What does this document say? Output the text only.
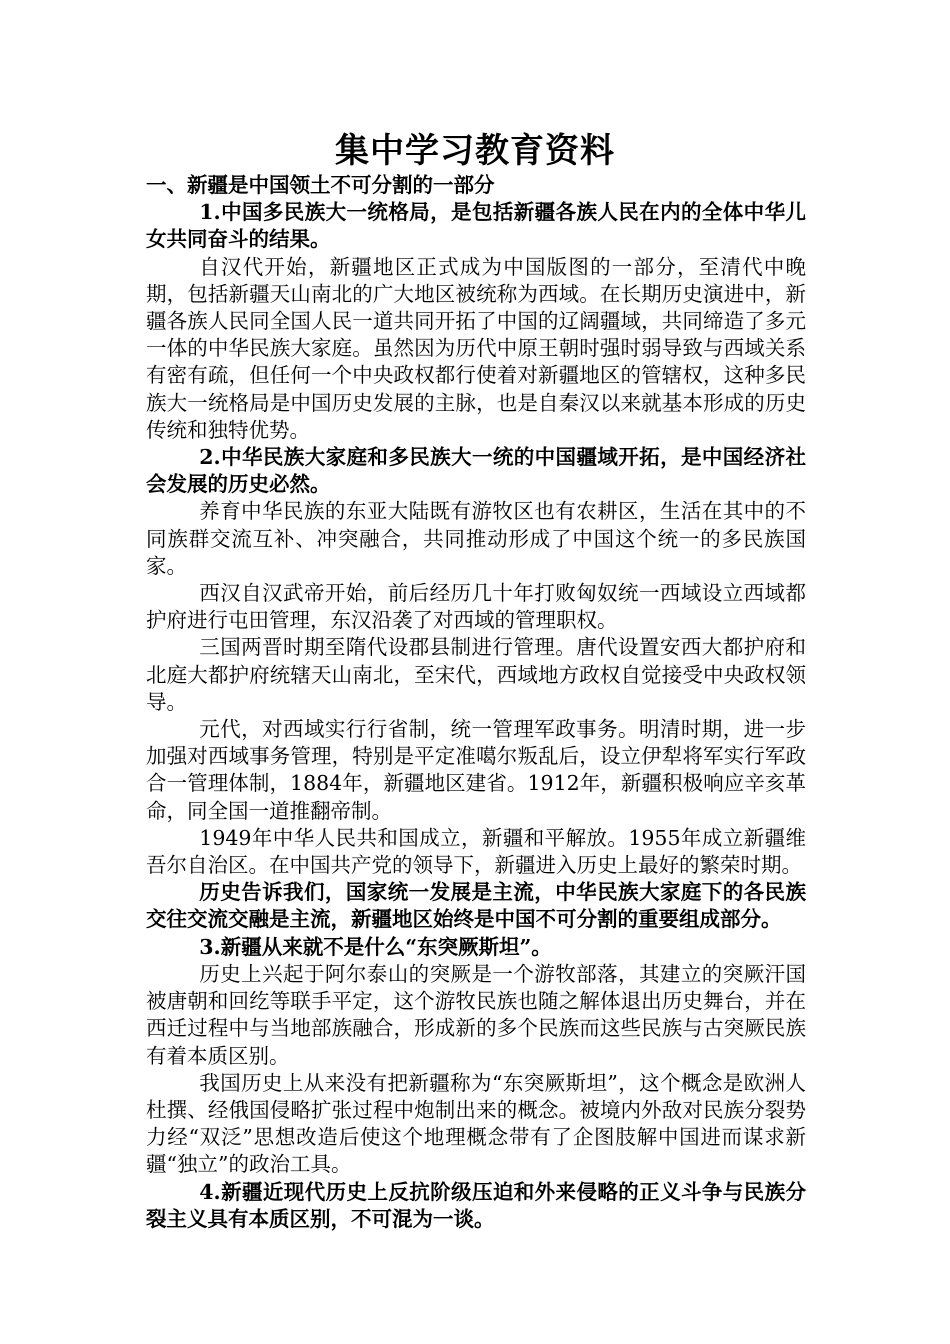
集中学习教育资料

一、新疆是中国领土不可分割的一部分

1.中国多民族大一统格局，是包括新疆各族人民在内的全体中华儿女共同奋斗的结果。

自汉代开始，新疆地区正式成为中国版图的一部分，至清代中晚期，包括新疆天山南北的广大地区被统称为西域。在长期历史演进中，新疆各族人民同全国人民一道共同开拓了中国的辽阔疆域，共同缔造了多元一体的中华民族大家庭。虽然因为历代中原王朝时强时弱导致与西域关系有密有疏，但任何一个中央政权都行使着对新疆地区的管辖权，这种多民族大一统格局是中国历史发展的主脉，也是自秦汉以来就基本形成的历史传统和独特优势。

2.中华民族大家庭和多民族大一统的中国疆域开拓，是中国经济社会发展的历史必然。

养育中华民族的东亚大陆既有游牧区也有农耕区，生活在其中的不同族群交流互补、冲突融合，共同推动形成了中国这个统一的多民族国家。

西汉自汉武帝开始，前后经历几十年打败匈奴统一西域设立西域都护府进行屯田管理，东汉沿袭了对西域的管理职权。

三国两晋时期至隋代设郡县制进行管理。唐代设置安西大都护府和北庭大都护府统辖天山南北，至宋代，西域地方政权自觉接受中央政权领导。

元代，对西域实行行省制，统一管理军政事务。明清时期，进一步加强对西域事务管理，特别是平定准噶尔叛乱后，设立伊犁将军实行军政合一管理体制，1884年，新疆地区建省。1912年，新疆积极响应辛亥革命，同全国一道推翻帝制。

1949年中华人民共和国成立，新疆和平解放。1955年成立新疆维吾尔自治区。在中国共产党的领导下，新疆进入历史上最好的繁荣时期。

历史告诉我们，国家统一发展是主流，中华民族大家庭下的各民族交往交流交融是主流，新疆地区始终是中国不可分割的重要组成部分。

3.新疆从来就不是什么“东突厥斯坦”。

历史上兴起于阿尔泰山的突厥是一个游牧部落，其建立的突厥汗国被唐朝和回纥等联手平定，这个游牧民族也随之解体退出历史舞台，并在西迁过程中与当地部族融合，形成新的多个民族而这些民族与古突厥民族有着本质区别。

我国历史上从来没有把新疆称为“东突厥斯坦”，这个概念是欧洲人杜撰、经俄国侵略扩张过程中炮制出来的概念。被境内外敌对民族分裂势力经“双泛”思想改造后使这个地理概念带有了企图肢解中国进而谋求新疆“独立”的政治工具。

4.新疆近现代历史上反抗阶级压迫和外来侵略的正义斗争与民族分裂主义具有本质区别，不可混为一谈。
